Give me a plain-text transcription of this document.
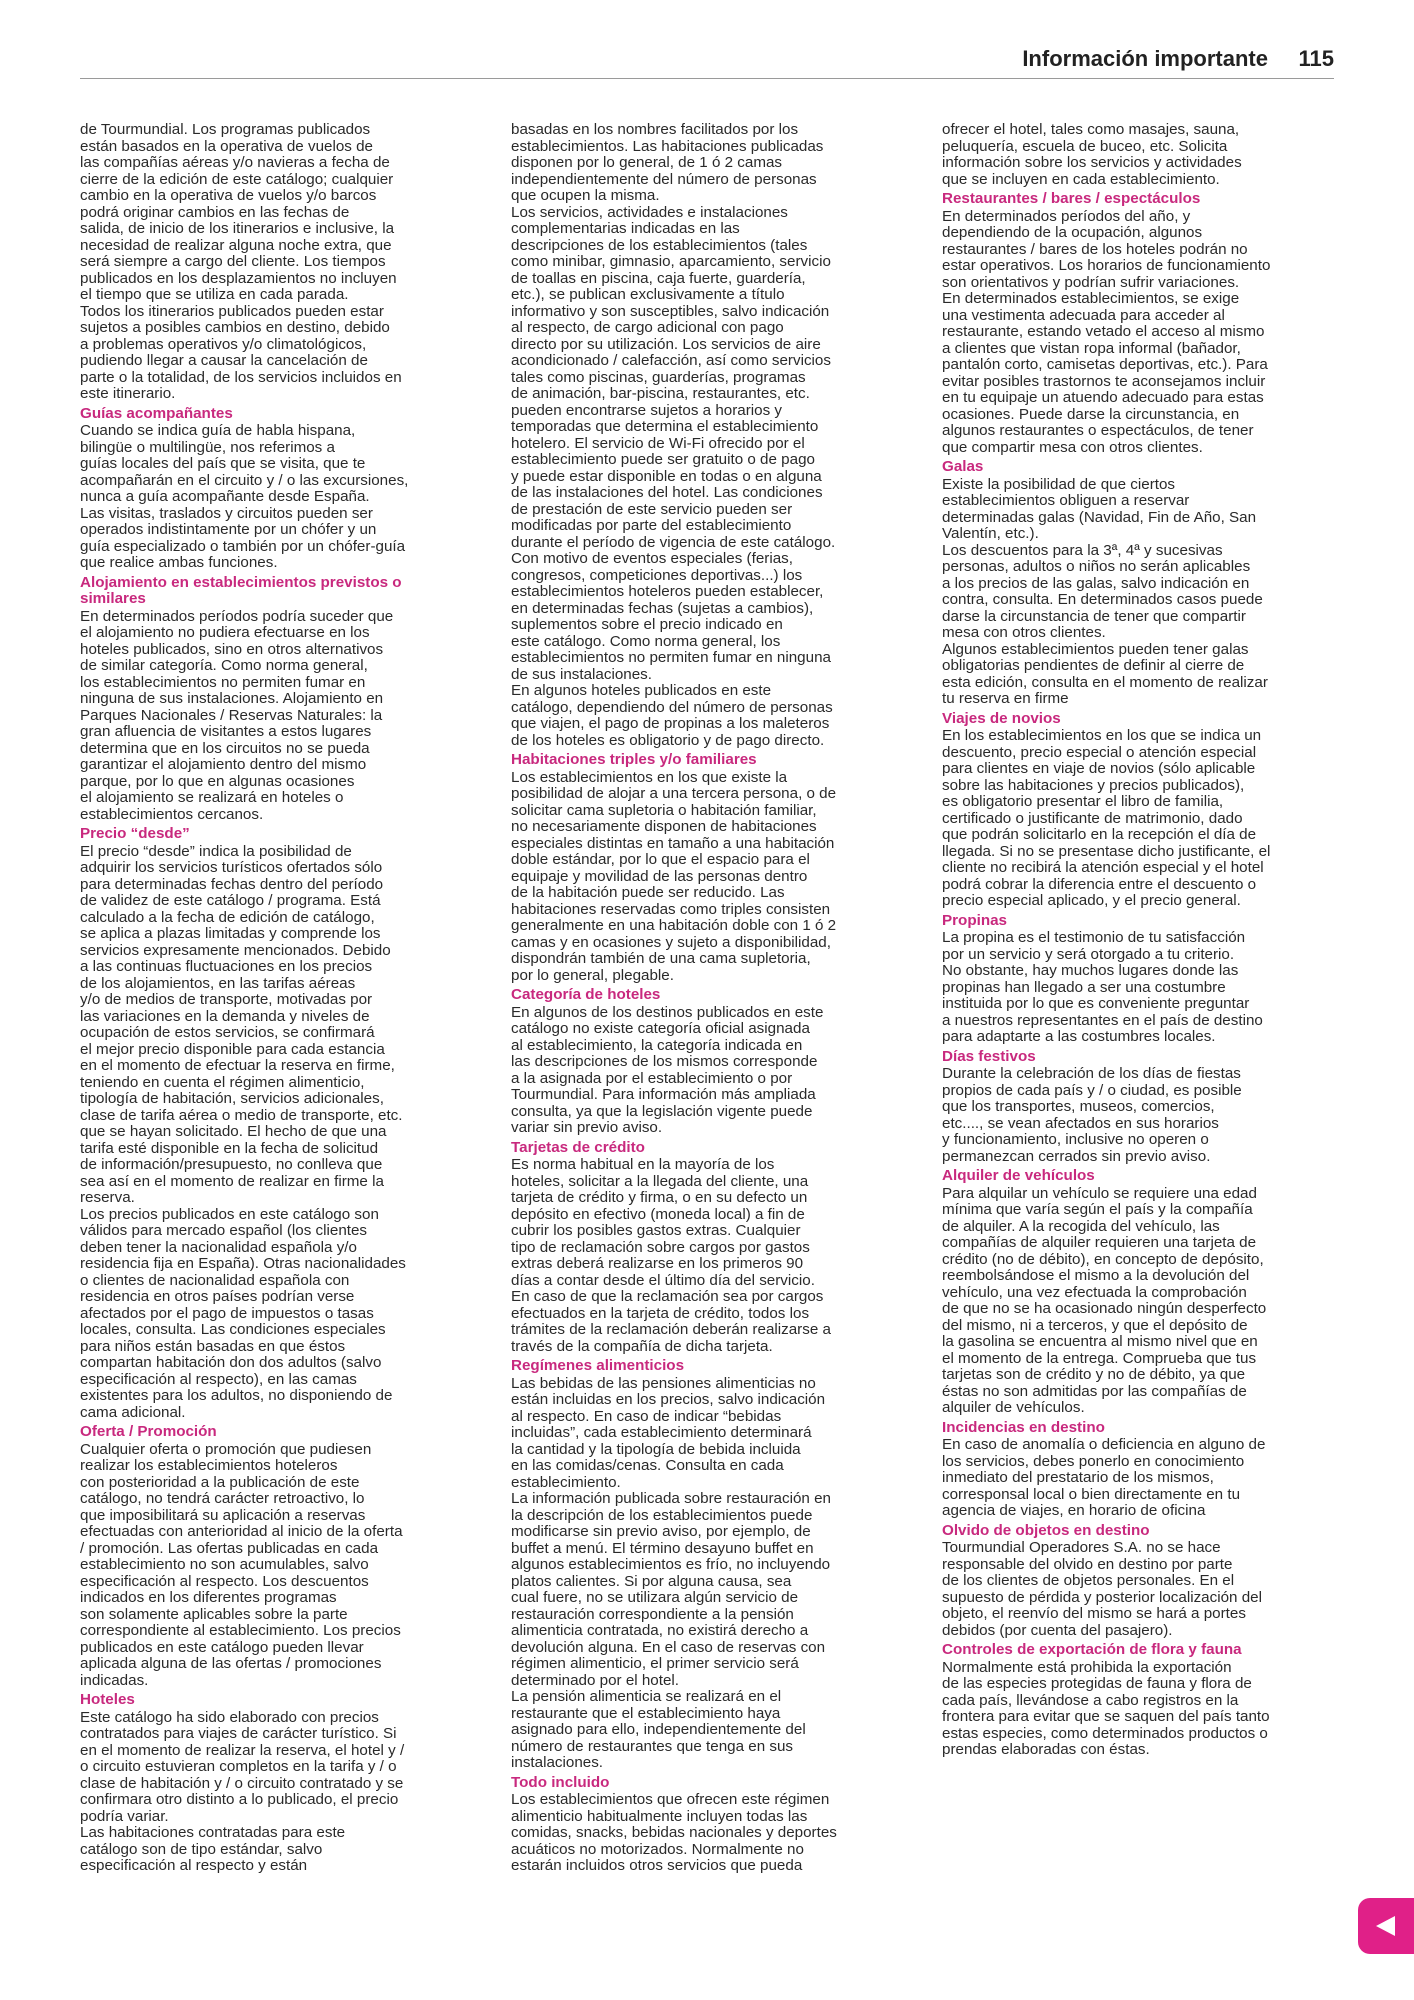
Información importante 115
de Tourmundial. Los programas publicados
están basados en la operativa de vuelos de
las compañías aéreas y/o navieras a fecha de
cierre de la edición de este catálogo; cualquier
cambio en la operativa de vuelos y/o barcos
podrá originar cambios en las fechas de
salida, de inicio de los itinerarios e inclusive, la
necesidad de realizar alguna noche extra, que
será siempre a cargo del cliente. Los tiempos
publicados en los desplazamientos no incluyen
el tiempo que se utiliza en cada parada.
Todos los itinerarios publicados pueden estar
sujetos a posibles cambios en destino, debido
a problemas operativos y/o climatológicos,
pudiendo llegar a causar la cancelación de
parte o la totalidad, de los servicios incluidos en
este itinerario.
Guías acompañantes
Cuando se indica guía de habla hispana,
bilingüe o multilingüe, nos referimos a
guías locales del país que se visita, que te
acompañarán en el circuito y / o las excursiones,
nunca a guía acompañante desde España.
Las visitas, traslados y circuitos pueden ser
operados indistintamente por un chófer y un
guía especializado o también por un chófer-guía
que realice ambas funciones.
Alojamiento en establecimientos previstos o
similares
En determinados períodos podría suceder que
el alojamiento no pudiera efectuarse en los
hoteles publicados, sino en otros alternativos
de similar categoría. Como norma general,
los establecimientos no permiten fumar en
ninguna de sus instalaciones. Alojamiento en
Parques Nacionales / Reservas Naturales: la
gran afluencia de visitantes a estos lugares
determina que en los circuitos no se pueda
garantizar el alojamiento dentro del mismo
parque, por lo que en algunas ocasiones
el alojamiento se realizará en hoteles o
establecimientos cercanos.
Precio “desde”
El precio “desde” indica la posibilidad de
adquirir los servicios turísticos ofertados sólo
para determinadas fechas dentro del período
de validez de este catálogo / programa. Está
calculado a la fecha de edición de catálogo,
se aplica a plazas limitadas y comprende los
servicios expresamente mencionados. Debido
a las continuas fluctuaciones en los precios
de los alojamientos, en las tarifas aéreas
y/o de medios de transporte, motivadas por
las variaciones en la demanda y niveles de
ocupación de estos servicios, se confirmará
el mejor precio disponible para cada estancia
en el momento de efectuar la reserva en firme,
teniendo en cuenta el régimen alimenticio,
tipología de habitación, servicios adicionales,
clase de tarifa aérea o medio de transporte, etc.
que se hayan solicitado. El hecho de que una
tarifa esté disponible en la fecha de solicitud
de información/presupuesto, no conlleva que
sea así en el momento de realizar en firme la
reserva.
Los precios publicados en este catálogo son
válidos para mercado español (los clientes
deben tener la nacionalidad española y/o
residencia fija en España). Otras nacionalidades
o clientes de nacionalidad española con
residencia en otros países podrían verse
afectados por el pago de impuestos o tasas
locales, consulta. Las condiciones especiales
para niños están basadas en que éstos
compartan habitación don dos adultos (salvo
especificación al respecto), en las camas
existentes para los adultos, no disponiendo de
cama adicional.
Oferta / Promoción
Cualquier oferta o promoción que pudiesen
realizar los establecimientos hoteleros
con posterioridad a la publicación de este
catálogo, no tendrá carácter retroactivo, lo
que imposibilitará su aplicación a reservas
efectuadas con anterioridad al inicio de la oferta
/ promoción. Las ofertas publicadas en cada
establecimiento no son acumulables, salvo
especificación al respecto. Los descuentos
indicados en los diferentes programas
son solamente aplicables sobre la parte
correspondiente al establecimiento. Los precios
publicados en este catálogo pueden llevar
aplicada alguna de las ofertas / promociones
indicadas.
Hoteles
Este catálogo ha sido elaborado con precios
contratados para viajes de carácter turístico. Si
en el momento de realizar la reserva, el hotel y /
o circuito estuvieran completos en la tarifa y / o
clase de habitación y / o circuito contratado y se
confirmara otro distinto a lo publicado, el precio
podría variar.
Las habitaciones contratadas para este
catálogo son de tipo estándar, salvo
especificación al respecto y están
basadas en los nombres facilitados por los
establecimientos. Las habitaciones publicadas
disponen por lo general, de 1 ó 2 camas
independientemente del número de personas
que ocupen la misma.
Los servicios, actividades e instalaciones
complementarias indicadas en las
descripciones de los establecimientos (tales
como minibar, gimnasio, aparcamiento, servicio
de toallas en piscina, caja fuerte, guardería,
etc.), se publican exclusivamente a título
informativo y son susceptibles, salvo indicación
al respecto, de cargo adicional con pago
directo por su utilización. Los servicios de aire
acondicionado / calefacción, así como servicios
tales como piscinas, guarderías, programas
de animación, bar-piscina, restaurantes, etc.
pueden encontrarse sujetos a horarios y
temporadas que determina el establecimiento
hotelero. El servicio de Wi-Fi ofrecido por el
establecimiento puede ser gratuito o de pago
y puede estar disponible en todas o en alguna
de las instalaciones del hotel. Las condiciones
de prestación de este servicio pueden ser
modificadas por parte del establecimiento
durante el período de vigencia de este catálogo.
Con motivo de eventos especiales (ferias,
congresos, competiciones deportivas...) los
establecimientos hoteleros pueden establecer,
en determinadas fechas (sujetas a cambios),
suplementos sobre el precio indicado en
este catálogo. Como norma general, los
establecimientos no permiten fumar en ninguna
de sus instalaciones.
En algunos hoteles publicados en este
catálogo, dependiendo del número de personas
que viajen, el pago de propinas a los maleteros
de los hoteles es obligatorio y de pago directo.
Habitaciones triples y/o familiares
Los establecimientos en los que existe la
posibilidad de alojar a una tercera persona, o de
solicitar cama supletoria o habitación familiar,
no necesariamente disponen de habitaciones
especiales distintas en tamaño a una habitación
doble estándar, por lo que el espacio para el
equipaje y movilidad de las personas dentro
de la habitación puede ser reducido. Las
habitaciones reservadas como triples consisten
generalmente en una habitación doble con 1 ó 2
camas y en ocasiones y sujeto a disponibilidad,
dispondrán también de una cama supletoria,
por lo general, plegable.
Categoría de hoteles
En algunos de los destinos publicados en este
catálogo no existe categoría oficial asignada
al establecimiento, la categoría indicada en
las descripciones de los mismos corresponde
a la asignada por el establecimiento o por
Tourmundial. Para información más ampliada
consulta, ya que la legislación vigente puede
variar sin previo aviso.
Tarjetas de crédito
Es norma habitual en la mayoría de los
hoteles, solicitar a la llegada del cliente, una
tarjeta de crédito y firma, o en su defecto un
depósito en efectivo (moneda local) a fin de
cubrir los posibles gastos extras. Cualquier
tipo de reclamación sobre cargos por gastos
extras deberá realizarse en los primeros 90
días a contar desde el último día del servicio.
En caso de que la reclamación sea por cargos
efectuados en la tarjeta de crédito, todos los
trámites de la reclamación deberán realizarse a
través de la compañía de dicha tarjeta.
Regímenes alimenticios
Las bebidas de las pensiones alimenticias no
están incluidas en los precios, salvo indicación
al respecto. En caso de indicar “bebidas
incluidas”, cada establecimiento determinará
la cantidad y la tipología de bebida incluida
en las comidas/cenas. Consulta en cada
establecimiento.
La información publicada sobre restauración en
la descripción de los establecimientos puede
modificarse sin previo aviso, por ejemplo, de
buffet a menú. El término desayuno buffet en
algunos establecimientos es frío, no incluyendo
platos calientes. Si por alguna causa, sea
cual fuere, no se utilizara algún servicio de
restauración correspondiente a la pensión
alimenticia contratada, no existirá derecho a
devolución alguna. En el caso de reservas con
régimen alimenticio, el primer servicio será
determinado por el hotel.
La pensión alimenticia se realizará en el
restaurante que el establecimiento haya
asignado para ello, independientemente del
número de restaurantes que tenga en sus
instalaciones.
Todo incluido
Los establecimientos que ofrecen este régimen
alimenticio habitualmente incluyen todas las
comidas, snacks, bebidas nacionales y deportes
acuáticos no motorizados. Normalmente no
estarán incluidos otros servicios que pueda
ofrecer el hotel, tales como masajes, sauna,
peluquería, escuela de buceo, etc. Solicita
información sobre los servicios y actividades
que se incluyen en cada establecimiento.
Restaurantes / bares / espectáculos
En determinados períodos del año, y
dependiendo de la ocupación, algunos
restaurantes / bares de los hoteles podrán no
estar operativos. Los horarios de funcionamiento
son orientativos y podrían sufrir variaciones.
En determinados establecimientos, se exige
una vestimenta adecuada para acceder al
restaurante, estando vetado el acceso al mismo
a clientes que vistan ropa informal (bañador,
pantalón corto, camisetas deportivas, etc.). Para
evitar posibles trastornos te aconsejamos incluir
en tu equipaje un atuendo adecuado para estas
ocasiones. Puede darse la circunstancia, en
algunos restaurantes o espectáculos, de tener
que compartir mesa con otros clientes.
Galas
Existe la posibilidad de que ciertos
establecimientos obliguen a reservar
determinadas galas (Navidad, Fin de Año, San
Valentín, etc.).
Los descuentos para la 3ª, 4ª y sucesivas
personas, adultos o niños no serán aplicables
a los precios de las galas, salvo indicación en
contra, consulta. En determinados casos puede
darse la circunstancia de tener que compartir
mesa con otros clientes.
Algunos establecimientos pueden tener galas
obligatorias pendientes de definir al cierre de
esta edición, consulta en el momento de realizar
tu reserva en firme
Viajes de novios
En los establecimientos en los que se indica un
descuento, precio especial o atención especial
para clientes en viaje de novios (sólo aplicable
sobre las habitaciones y precios publicados),
es obligatorio presentar el libro de familia,
certificado o justificante de matrimonio, dado
que podrán solicitarlo en la recepción el día de
llegada. Si no se presentase dicho justificante, el
cliente no recibirá la atención especial y el hotel
podrá cobrar la diferencia entre el descuento o
precio especial aplicado, y el precio general.
Propinas
La propina es el testimonio de tu satisfacción
por un servicio y será otorgado a tu criterio.
No obstante, hay muchos lugares donde las
propinas han llegado a ser una costumbre
instituida por lo que es conveniente preguntar
a nuestros representantes en el país de destino
para adaptarte a las costumbres locales.
Días festivos
Durante la celebración de los días de fiestas
propios de cada país y / o ciudad, es posible
que los transportes, museos, comercios,
etc...., se vean afectados en sus horarios
y funcionamiento, inclusive no operen o
permanezcan cerrados sin previo aviso.
Alquiler de vehículos
Para alquilar un vehículo se requiere una edad
mínima que varía según el país y la compañía
de alquiler. A la recogida del vehículo, las
compañías de alquiler requieren una tarjeta de
crédito (no de débito), en concepto de depósito,
reembolsándose el mismo a la devolución del
vehículo, una vez efectuada la comprobación
de que no se ha ocasionado ningún desperfecto
del mismo, ni a terceros, y que el depósito de
la gasolina se encuentra al mismo nivel que en
el momento de la entrega. Comprueba que tus
tarjetas son de crédito y no de débito, ya que
éstas no son admitidas por las compañías de
alquiler de vehículos.
Incidencias en destino
En caso de anomalía o deficiencia en alguno de
los servicios, debes ponerlo en conocimiento
inmediato del prestatario de los mismos,
corresponsal local o bien directamente en tu
agencia de viajes, en horario de oficina
Olvido de objetos en destino
Tourmundial Operadores S.A. no se hace
responsable del olvido en destino por parte
de los clientes de objetos personales. En el
supuesto de pérdida y posterior localización del
objeto, el reenvío del mismo se hará a portes
debidos (por cuenta del pasajero).
Controles de exportación de flora y fauna
Normalmente está prohibida la exportación
de las especies protegidas de fauna y flora de
cada país, llevándose a cabo registros en la
frontera para evitar que se saquen del país tanto
estas especies, como determinados productos o
prendas elaboradas con éstas.
